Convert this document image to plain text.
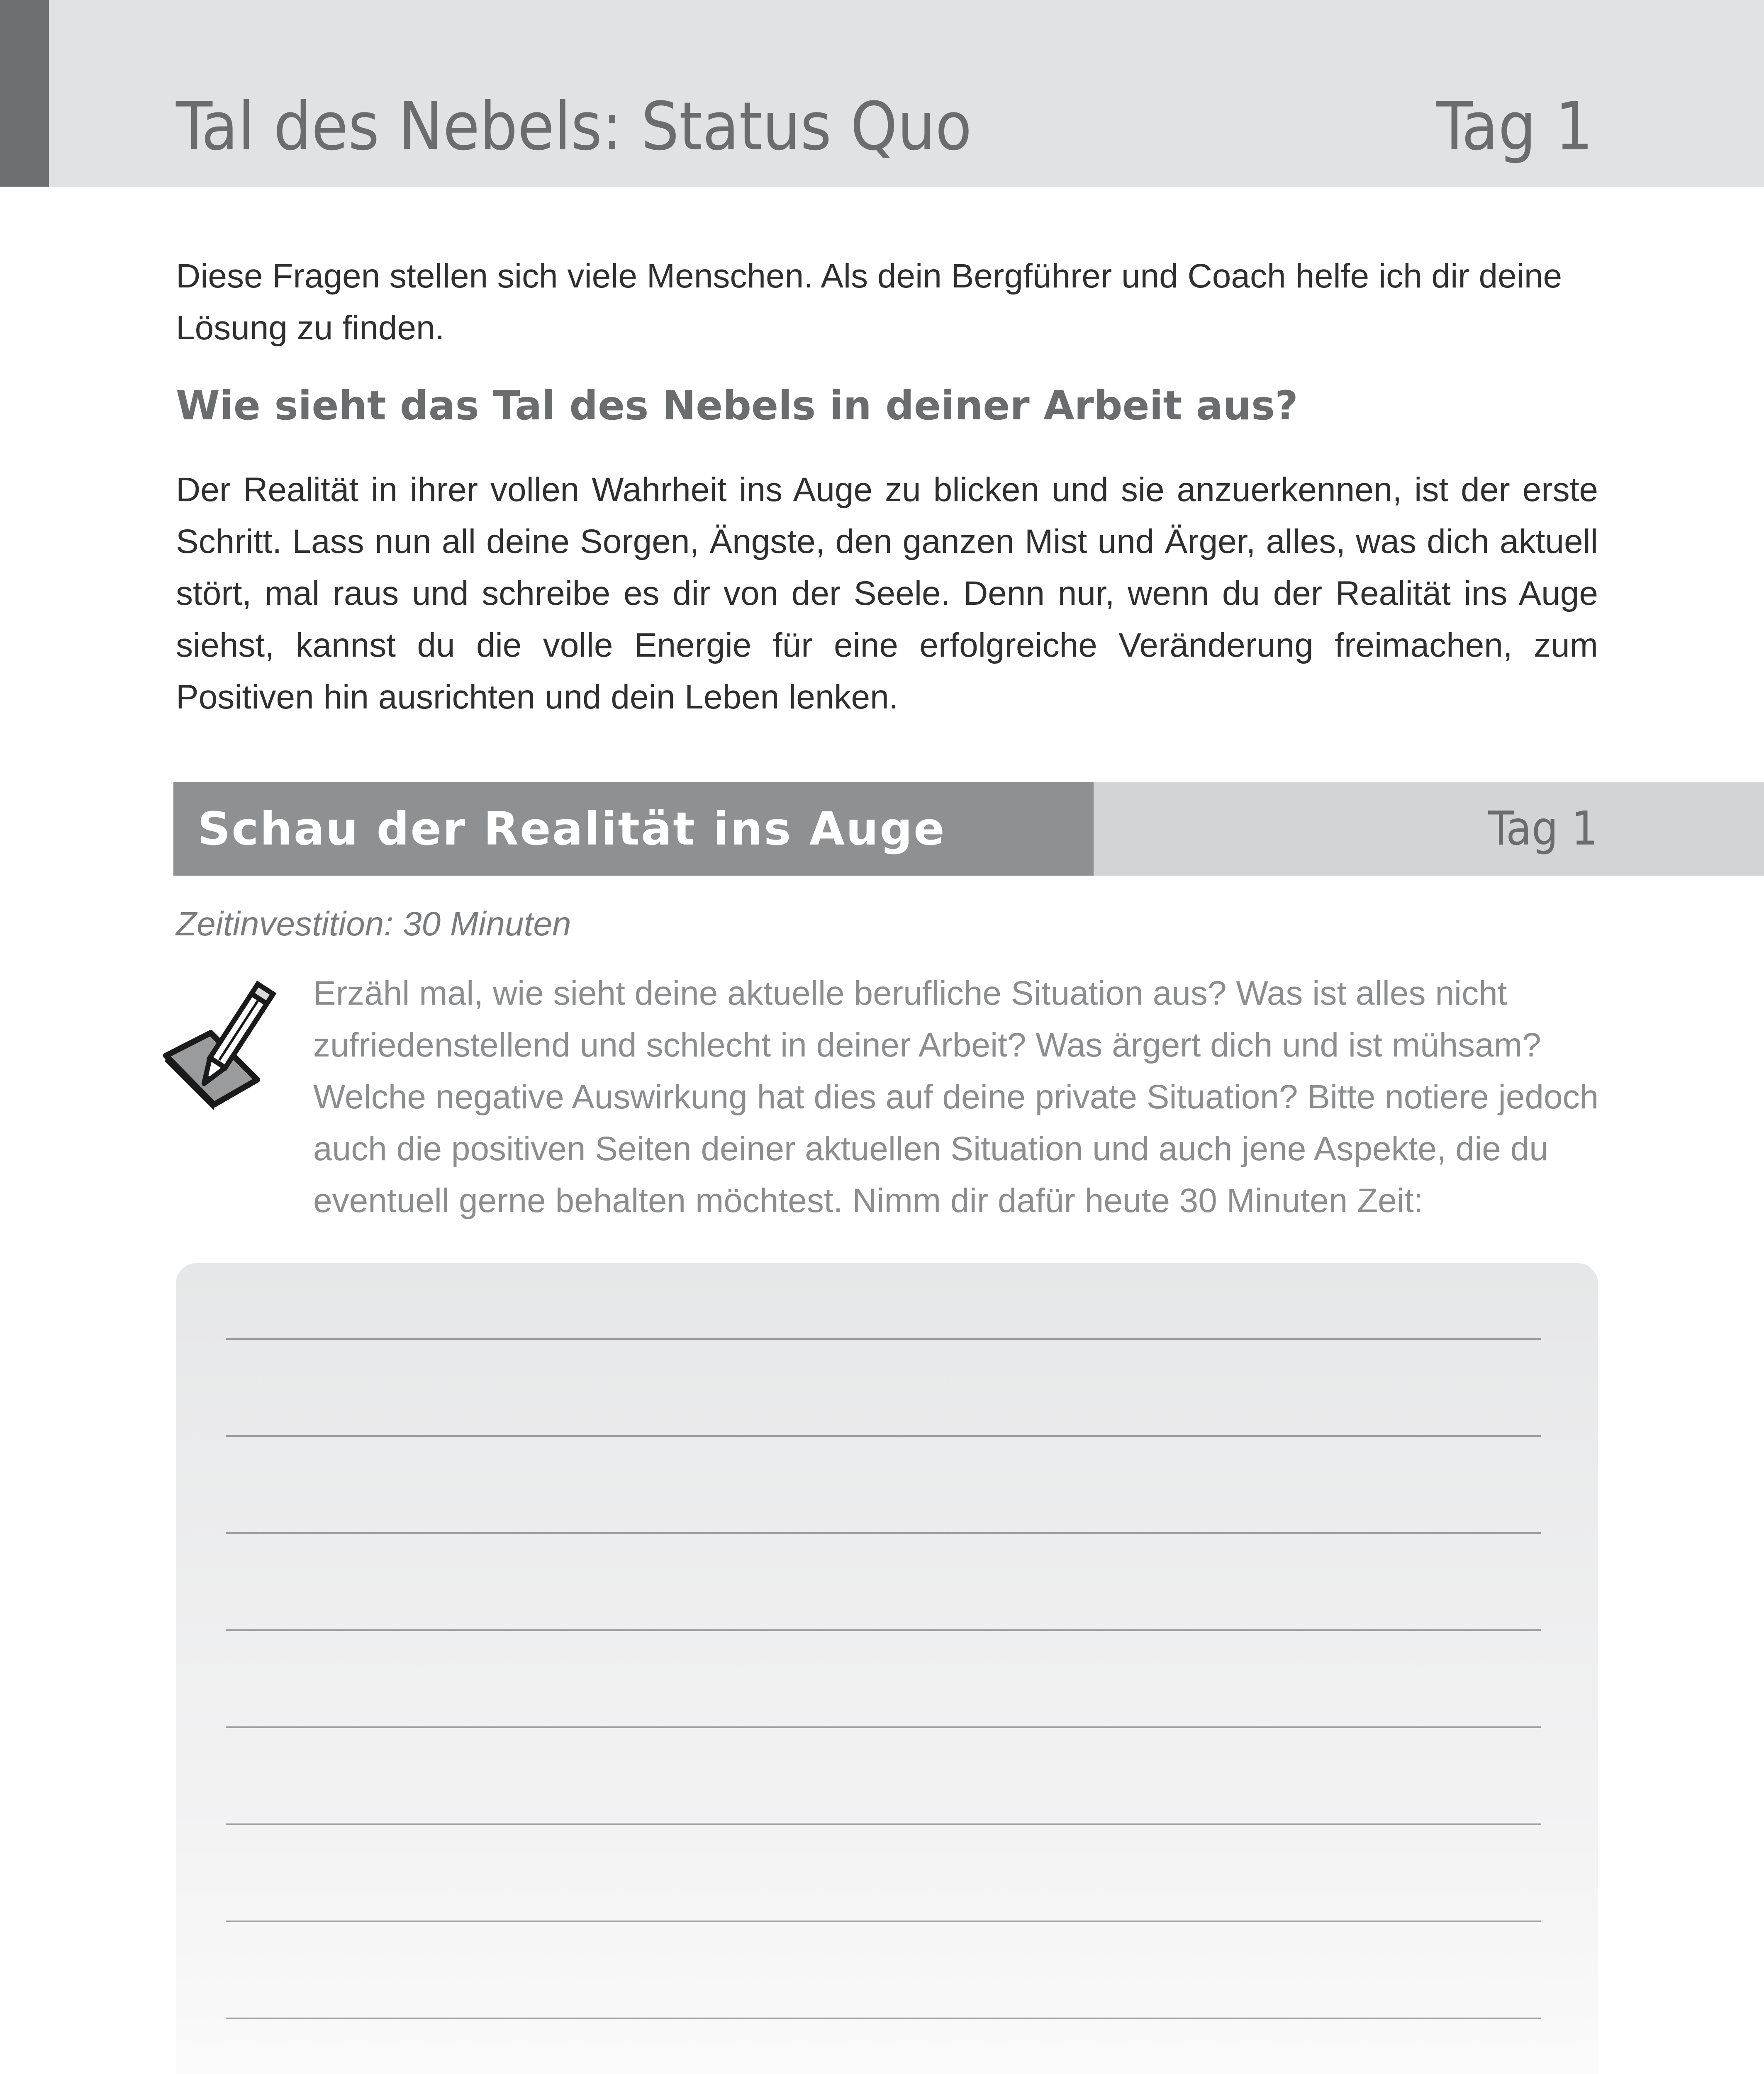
Tal des Nebels: Status Quo	Tag 1

Diese Fragen stellen sich viele Menschen. Als dein Bergführer und Coach helfe ich dir deine Lösung zu finden.

Wie sieht das Tal des Nebels in deiner Arbeit aus?

Der Realität in ihrer vollen Wahrheit ins Auge zu blicken und sie anzuerkennen, ist der erste Schritt. Lass nun all deine Sorgen, Ängste, den ganzen Mist und Ärger, alles, was dich aktuell stört, mal raus und schreibe es dir von der Seele. Denn nur, wenn du der Realität ins Auge siehst, kannst du die volle Energie für eine erfolgreiche Veränderung freimachen, zum Positiven hin ausrichten und dein Leben lenken.

Schau der Realität ins Auge	Tag 1
Zeitinvestition: 30 Minuten

Erzähl mal, wie sieht deine aktuelle berufliche Situation aus? Was ist alles nicht zufriedenstellend und schlecht in deiner Arbeit? Was ärgert dich und ist mühsam? Welche negative Auswirkung hat dies auf deine private Situation? Bitte notiere jedoch auch die positiven Seiten deiner aktuellen Situation und auch jene Aspekte, die du eventuell gerne behalten möchtest. Nimm dir dafür heute 30 Minuten Zeit:
